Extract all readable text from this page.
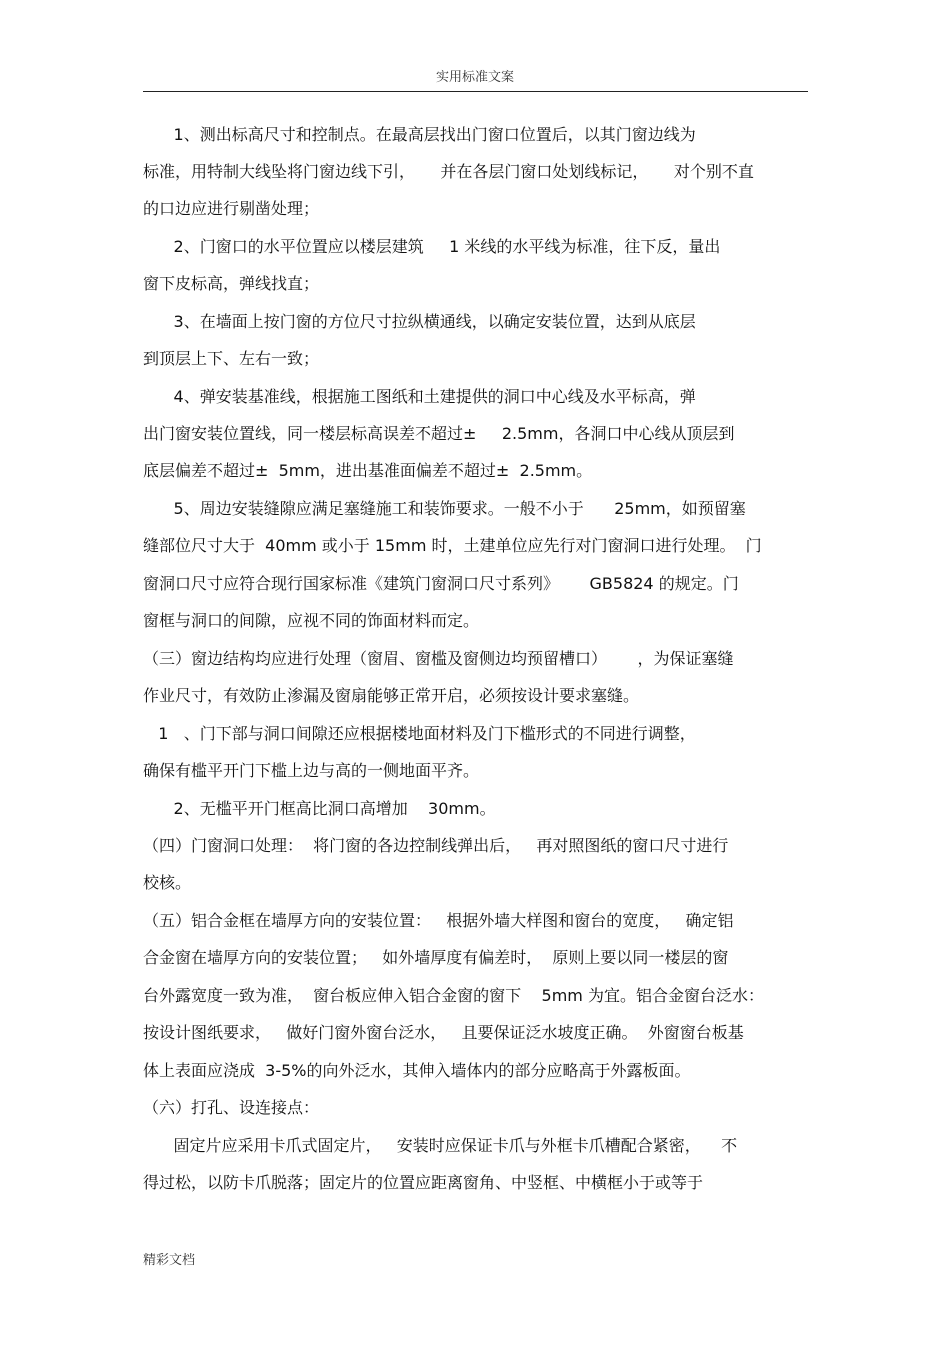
实用标准文案
1、测出标高尺寸和控制点。在最高层找出门窗口位置后，以其门窗边线为
标准，用特制大线坠将门窗边线下引，     并在各层门窗口处划线标记，     对个别不直
的口边应进行剔凿处理；
2、门窗口的水平位置应以楼层建筑     1 米线的水平线为标准，往下反，量出
窗下皮标高，弹线找直；
3、在墙面上按门窗的方位尺寸拉纵横通线，以确定安装位置，达到从底层
到顶层上下、左右一致；
4、弹安装基准线，根据施工图纸和土建提供的洞口中心线及水平标高，弹
出门窗安装位置线，同一楼层标高误差不超过±     2.5mm，各洞口中心线从顶层到
底层偏差不超过±  5mm，进出基准面偏差不超过±  2.5mm。
5、周边安装缝隙应满足塞缝施工和装饰要求。一般不小于      25mm，如预留塞
缝部位尺寸大于  40mm 或小于 15mm 时，土建单位应先行对门窗洞口进行处理。  门
窗洞口尺寸应符合现行国家标准《建筑门窗洞口尺寸系列》      GB5824 的规定。门
窗框与洞口的间隙，应视不同的饰面材料而定。
（三）窗边结构均应进行处理（窗眉、窗槛及窗侧边均预留槽口）      ，为保证塞缝
作业尺寸，有效防止渗漏及窗扇能够正常开启，必须按设计要求塞缝。
1   、门下部与洞口间隙还应根据楼地面材料及门下槛形式的不同进行调整，
确保有槛平开门下槛上边与高的一侧地面平齐。
2、无槛平开门框高比洞口高增加    30mm。
（四）门窗洞口处理：  将门窗的各边控制线弹出后，   再对照图纸的窗口尺寸进行
校核。
（五）铝合金框在墙厚方向的安装位置：   根据外墙大样图和窗台的宽度，   确定铝
合金窗在墙厚方向的安装位置；   如外墙厚度有偏差时，  原则上要以同一楼层的窗
台外露宽度一致为准，  窗台板应伸入铝合金窗的窗下    5mm 为宜。铝合金窗台泛水：
按设计图纸要求，   做好门窗外窗台泛水，   且要保证泛水坡度正确。  外窗窗台板基
体上表面应浇成  3-5%的向外泛水，其伸入墙体内的部分应略高于外露板面。
（六）打孔、设连接点：
固定片应采用卡爪式固定片，   安装时应保证卡爪与外框卡爪槽配合紧密，    不
得过松，以防卡爪脱落；固定片的位置应距离窗角、中竖框、中横框小于或等于
精彩文档
